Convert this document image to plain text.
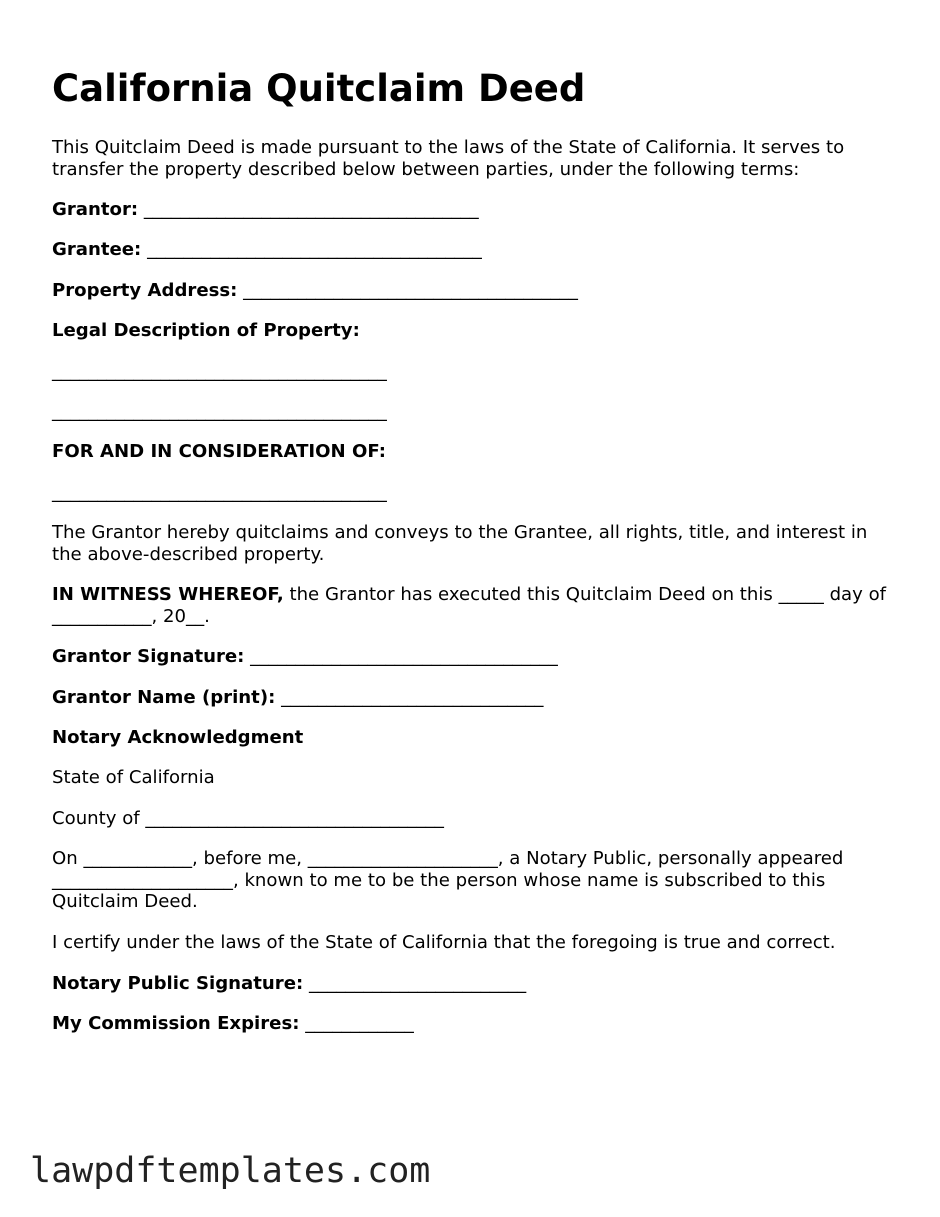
California Quitclaim Deed
This Quitclaim Deed is made pursuant to the laws of the State of California. It serves to transfer the property described below between parties, under the following terms:
Grantor: _____________________________________
Grantee: _____________________________________
Property Address: _____________________________________
Legal Description of Property:
_____________________________________
_____________________________________
FOR AND IN CONSIDERATION OF:
_____________________________________
The Grantor hereby quitclaims and conveys to the Grantee, all rights, title, and interest in the above-described property.
IN WITNESS WHEREOF, the Grantor has executed this Quitclaim Deed on this _____ day of ___________, 20__.
Grantor Signature: __________________________________
Grantor Name (print): _____________________________
Notary Acknowledgment
State of California
County of _________________________________
On ____________, before me, _____________________, a Notary Public, personally appeared ____________________, known to me to be the person whose name is subscribed to this Quitclaim Deed.
I certify under the laws of the State of California that the foregoing is true and correct.
Notary Public Signature: ________________________
My Commission Expires: ____________
lawpdftemplates.com
